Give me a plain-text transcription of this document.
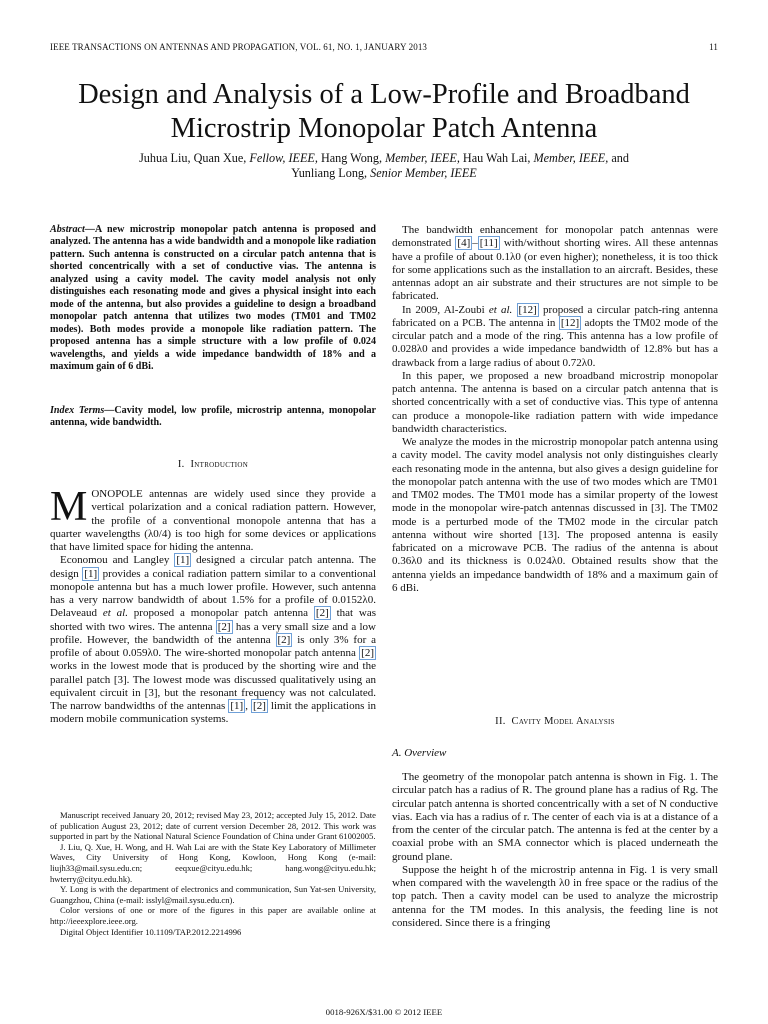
IEEE TRANSACTIONS ON ANTENNAS AND PROPAGATION, VOL. 61, NO. 1, JANUARY 2013	11
Design and Analysis of a Low-Profile and Broadband
Microstrip Monopolar Patch Antenna
Juhua Liu, Quan Xue, Fellow, IEEE, Hang Wong, Member, IEEE, Hau Wah Lai, Member, IEEE, and
Yunliang Long, Senior Member, IEEE
Abstract—A new microstrip monopolar patch antenna is proposed and analyzed. The antenna has a wide bandwidth and a monopole like radiation pattern. Such antenna is constructed on a circular patch antenna that is shorted concentrically with a set of conductive vias. The antenna is analyzed using a cavity model. The cavity model analysis not only distinguishes each resonating mode and gives a physical insight into each mode of the antenna, but also provides a guideline to design a broadband monopolar patch antenna that utilizes two modes (TM01 and TM02 modes). Both modes provide a monopole like radiation pattern. The proposed antenna has a simple structure with a low profile of 0.024 wavelengths, and yields a wide impedance bandwidth of 18% and a maximum gain of 6 dBi.
Index Terms—Cavity model, low profile, microstrip antenna, monopolar antenna, wide bandwidth.
I. Introduction

MONOPOLE antennas are widely used since they provide a vertical polarization and a conical radiation pattern. However, the profile of a conventional monopole antenna that has a quarter wavelengths (λ0/4) is too high for some devices or applications that have limited space for hiding the antenna.

Economou and Langley [1] designed a circular patch antenna. The design [1] provides a conical radiation pattern similar to a conventional monopole antenna but has a much lower profile. However, such antenna has a very narrow bandwidth of about 1.5% for a profile of 0.0152λ0. Delaveaud et al. proposed a monopolar patch antenna [2] that was shorted with two wires. The antenna [2] has a very small size and a low profile. However, the bandwidth of the antenna [2] is only 3% for a profile of about 0.059λ0. The wire-shorted monopolar patch antenna [2] works in the lowest mode that is produced by the shorting wire and the parallel patch [3]. The lowest mode was discussed qualitatively using an equivalent circuit in [3], but the resonant frequency was not calculated. The narrow bandwidths of the antennas [1] , [2] limit the applications in modern mobile communication systems.

Manuscript received January 20, 2012; revised May 23, 2012; accepted July 15, 2012. Date of publication August 23, 2012; date of current version December 28, 2012. This work was supported in part by the National Natural Science Foundation of China under Grant 61002005.

J. Liu, Q. Xue, H. Wong, and H. Wah Lai are with the State Key Laboratory of Millimeter Waves, City University of Hong Kong, Kowloon, Hong Kong (e-mail: liujh33@mail.sysu.edu.cn; eeqxue@cityu.edu.hk; hang.wong@cityu.edu.hk; hwterry@cityu.edu.hk).

Y. Long is with the department of electronics and communication, Sun Yat-sen University, Guangzhou, China (e-mail: isslyl@mail.sysu.edu.cn).

Color versions of one or more of the figures in this paper are available online at http://ieeexplore.ieee.org.

Digital Object Identifier 10.1109/TAP.2012.2214996

The bandwidth enhancement for monopolar patch antennas were demonstrated [4] – [11] with/without shorting wires. All these antennas have a profile of about 0.1λ0 (or even higher); nonetheless, it is too thick for some applications such as the installation to an aircraft. Besides, these antennas adopt an air substrate and their structures are not simple to be fabricated.

In 2009, Al-Zoubi et al. [12] proposed a circular patch-ring antenna fabricated on a PCB. The antenna in [12] adopts the TM02 mode of the circular patch and a mode of the ring. This antenna has a low profile of 0.028λ0 and provides a wide impedance bandwidth of 12.8% but has a drawback from a large radius of about 0.72λ0.

In this paper, we proposed a new broadband microstrip monopolar patch antenna. The antenna is based on a circular patch antenna that is shorted concentrically with a set of conductive vias. This type of antenna can produce a monopole-like radiation pattern with wide impedance bandwidth characteristics.

We analyze the modes in the microstrip monopolar patch antenna using a cavity model. The cavity model analysis not only distinguishes clearly each resonating mode in the antenna, but also gives a design guideline for the monopolar patch antenna with the use of two modes which are TM01 and TM02 modes. The TM01 mode has a similar property of the lowest mode in the monopolar wire-patch antennas discussed in [3]. The TM02 mode is a perturbed mode of the TM02 mode in the circular patch antenna without wire shorted [13]. The proposed antenna is easily fabricated on a microwave PCB. The radius of the antenna is about 0.36λ0 and its thickness is 0.024λ0. Obtained results show that the antenna yields an impedance bandwidth of 18% and a maximum gain of 6 dBi.

II. Cavity Model Analysis
A. Overview

The geometry of the monopolar patch antenna is shown in Fig. 1. The circular patch has a radius of R. The ground plane has a radius of Rg. The circular patch antenna is shorted concentrically with a set of N conductive vias. Each via has a radius of r. The center of each via is at a distance of a from the center of the circular patch. The antenna is fed at the center by a coaxial probe with an SMA connector which is placed underneath the ground plane.

Suppose the height h of the microstrip antenna in Fig. 1 is very small when compared with the wavelength λ0 in free space or the radius of the top patch. Then a cavity model can be used to analyze the microstrip antenna for the TM modes. In this analysis, the feeding line is not considered. Since there is a fringing

0018-926X/$31.00 © 2012 IEEE
